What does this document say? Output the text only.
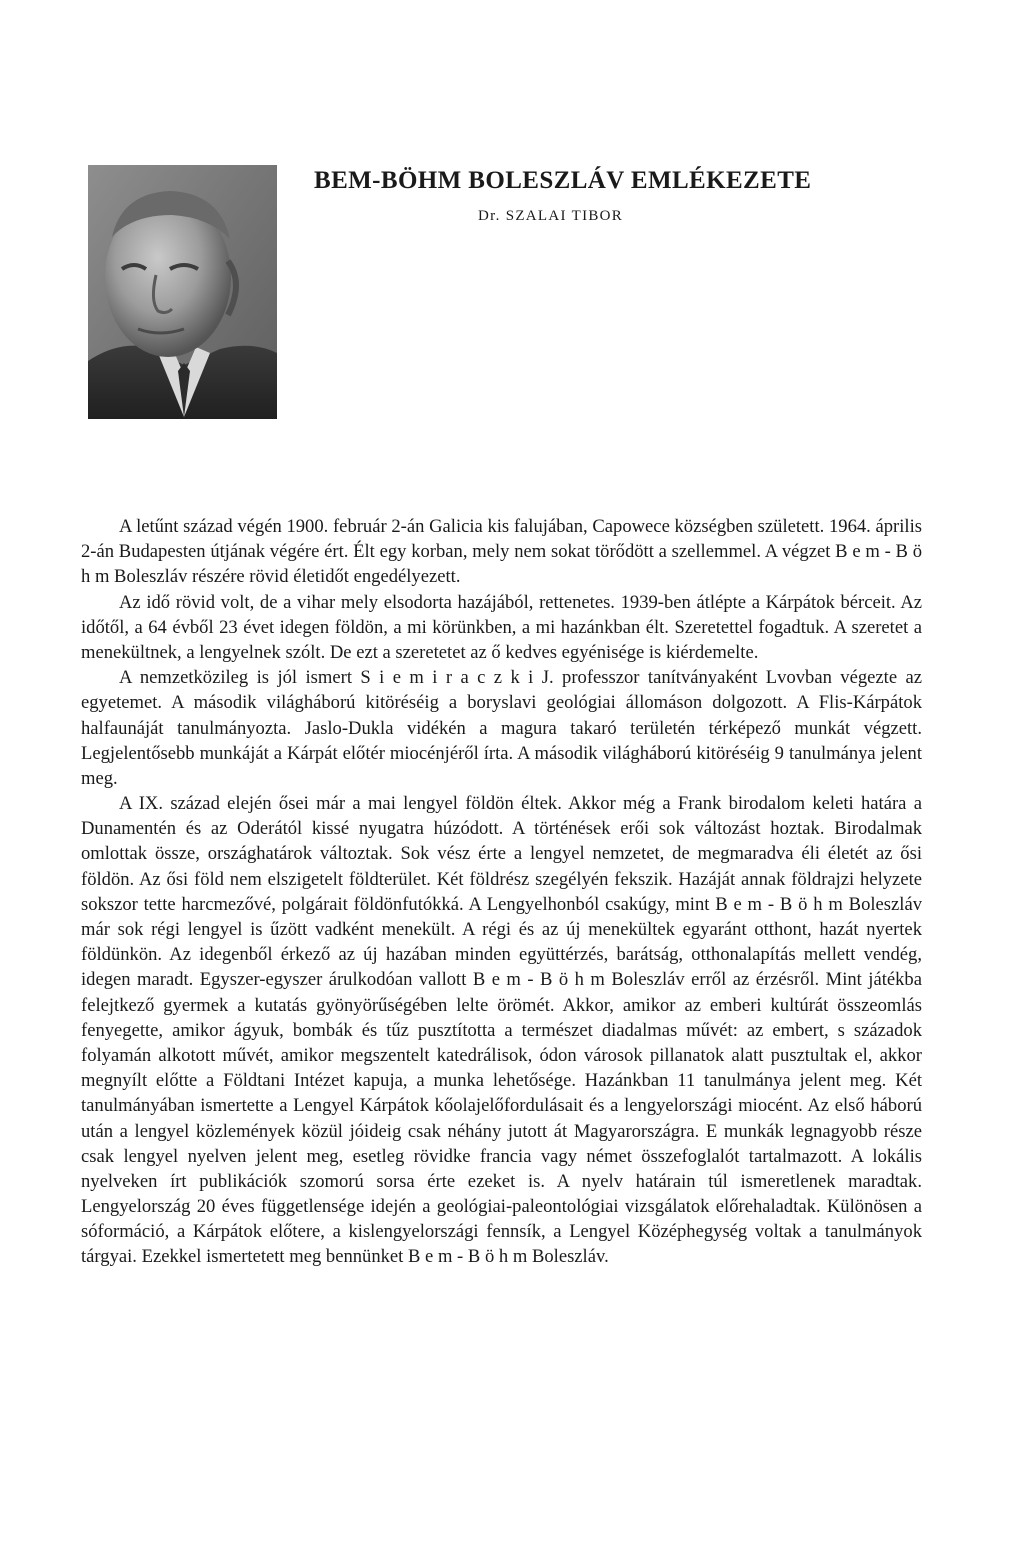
BEM-BÖHM BOLESZLÁV EMLÉKEZETE

Dr. SZALAI TIBOR

A letűnt század végén 1900. február 2-án Galicia kis falujában, Capowece községben született. 1964. április 2-án Budapesten útjának végére ért. Élt egy korban, mely nem sokat törődött a szellemmel. A végzet B e m - B ö h m Boleszláv részére rövid életidőt engedélyezett.

Az idő rövid volt, de a vihar mely elsodorta hazájából, rettenetes. 1939-ben átlépte a Kárpátok bérceit. Az időtől, a 64 évből 23 évet idegen földön, a mi körünkben, a mi hazánkban élt. Szeretettel fogadtuk. A szeretet a menekültnek, a lengyelnek szólt. De ezt a szeretetet az ő kedves egyénisége is kiérdemelte.

A nemzetközileg is jól ismert S i e m i r a c z k i J. professzor tanítványaként Lvovban végezte az egyetemet. A második világháború kitöréséig a boryslavi geológiai állomáson dolgozott. A Flis-Kárpátok halfaunáját tanulmányozta. Jaslo-Dukla vidékén a magura takaró területén térképező munkát végzett. Legjelentősebb munkáját a Kárpát előtér miocénjéről írta. A második világháború kitöréséig 9 tanulmánya jelent meg.

A IX. század elején ősei már a mai lengyel földön éltek. Akkor még a Frank birodalom keleti határa a Dunamentén és az Oderától kissé nyugatra húzódott. A történések erői sok változást hoztak. Birodalmak omlottak össze, országhatárok változtak. Sok vész érte a lengyel nemzetet, de megmaradva éli életét az ősi földön. Az ősi föld nem elszigetelt földterület. Két földrész szegélyén fekszik. Hazáját annak földrajzi helyzete sokszor tette harcmezővé, polgárait földönfutókká. A Lengyelhonból csakúgy, mint B e m - B ö h m Boleszláv már sok régi lengyel is űzött vadként menekült. A régi és az új menekültek egyaránt otthont, hazát nyertek földünkön. Az idegenből érkező az új hazában minden együttérzés, barátság, otthonalapítás mellett vendég, idegen maradt. Egyszer-egyszer árulkodóan vallott B e m - B ö h m Boleszláv erről az érzésről. Mint játékba felejtkező gyermek a kutatás gyönyörűségében lelte örömét. Akkor, amikor az emberi kultúrát összeomlás fenyegette, amikor ágyuk, bombák és tűz pusztította a természet diadalmas művét: az embert, s századok folyamán alkotott művét, amikor megszentelt katedrálisok, ódon városok pillanatok alatt pusztultak el, akkor megnyílt előtte a Földtani Intézet kapuja, a munka lehetősége. Hazánkban 11 tanulmánya jelent meg. Két tanulmányában ismertette a Lengyel Kárpátok kőolajelőfordulásait és a lengyelországi miocént. Az első háború után a lengyel közlemények közül jóideig csak néhány jutott át Magyarországra. E munkák legnagyobb része csak lengyel nyelven jelent meg, esetleg rövidke francia vagy német összefoglalót tartalmazott. A lokális nyelveken írt publikációk szomorú sorsa érte ezeket is. A nyelv határain túl ismeretlenek maradtak. Lengyelország 20 éves függetlensége idején a geológiai-paleontológiai vizsgálatok előrehaladtak. Különösen a sóformáció, a Kárpátok előtere, a kislengyelországi fennsík, a Lengyel Középhegység voltak a tanulmányok tárgyai. Ezekkel ismertetett meg bennünket B e m - B ö h m Boleszláv.
